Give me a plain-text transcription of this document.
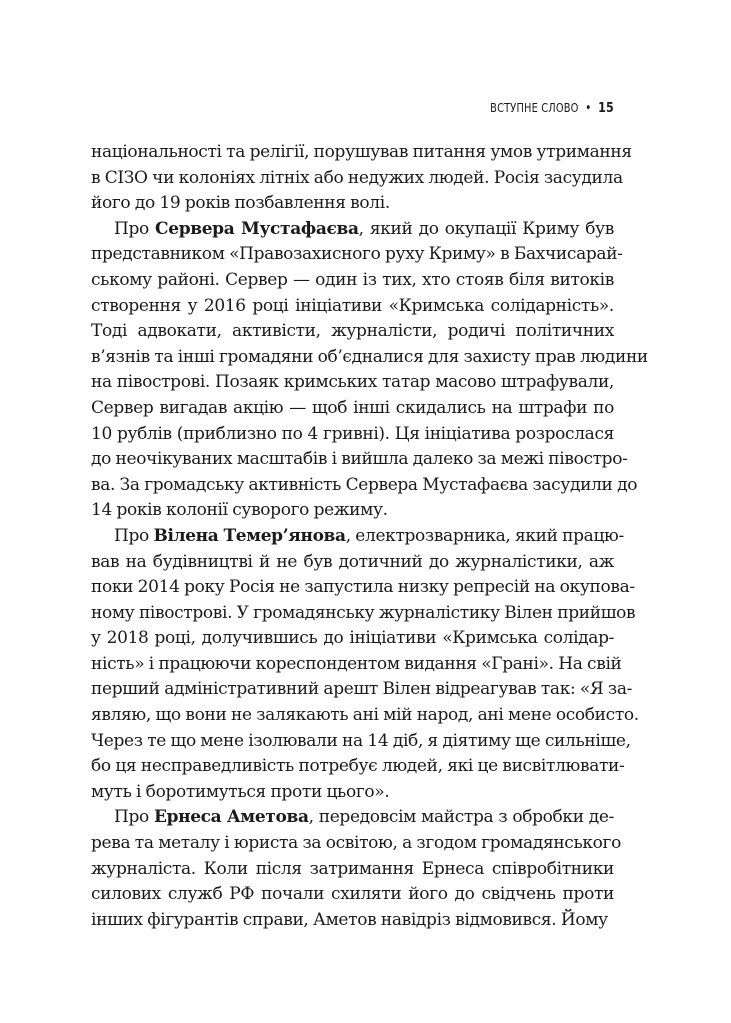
ВСТУПНЕ СЛОВО • 15
національності та релігії, порушував питання умов утримання
в СІЗО чи колоніях літніх або недужих людей. Росія засудила
його до 19 років позбавлення волі.
Про Сервера Мустафаєва, який до окупації Криму був
представником «Правозахисного руху Криму» в Бахчисарай-
ському районі. Сервер — один із тих, хто стояв біля витоків
створення у 2016 році ініціативи «Кримська солідарність».
Тоді адвокати, активісти, журналісти, родичі політичних
в’язнів та інші громадяни об’єдналися для захисту прав людини
на півострові. Позаяк кримських татар масово штрафували,
Сервер вигадав акцію — щоб інші скидались на штрафи по
10 рублів (приблизно по 4 гривні). Ця ініціатива розрослася
до неочікуваних масштабів і вийшла далеко за межі півостро-
ва. За громадську активність Сервера Мустафаєва засудили до
14 років колонії суворого режиму.
Про Вілена Темер’янова, електрозварника, який працю-
вав на будівництві й не був дотичний до журналістики, аж
поки 2014 року Росія не запустила низку репресій на окупова-
ному півострові. У громадянську журналістику Вілен прийшов
у 2018 році, долучившись до ініціативи «Кримська солідар-
ність» і працюючи кореспондентом видання «Грані». На свій
перший адміністративний арешт Вілен відреагував так: «Я за-
являю, що вони не залякають ані мій народ, ані мене особисто.
Через те що мене ізолювали на 14 діб, я діятиму ще сильніше,
бо ця несправедливість потребує людей, які це висвітлювати-
муть і боротимуться проти цього».
Про Ернеса Аметова, передовсім майстра з обробки де-
рева та металу і юриста за освітою, а згодом громадянського
журналіста. Коли після затримання Ернеса співробітники
силових служб РФ почали схиляти його до свідчень проти
інших фігурантів справи, Аметов навідріз відмовився. Йому
